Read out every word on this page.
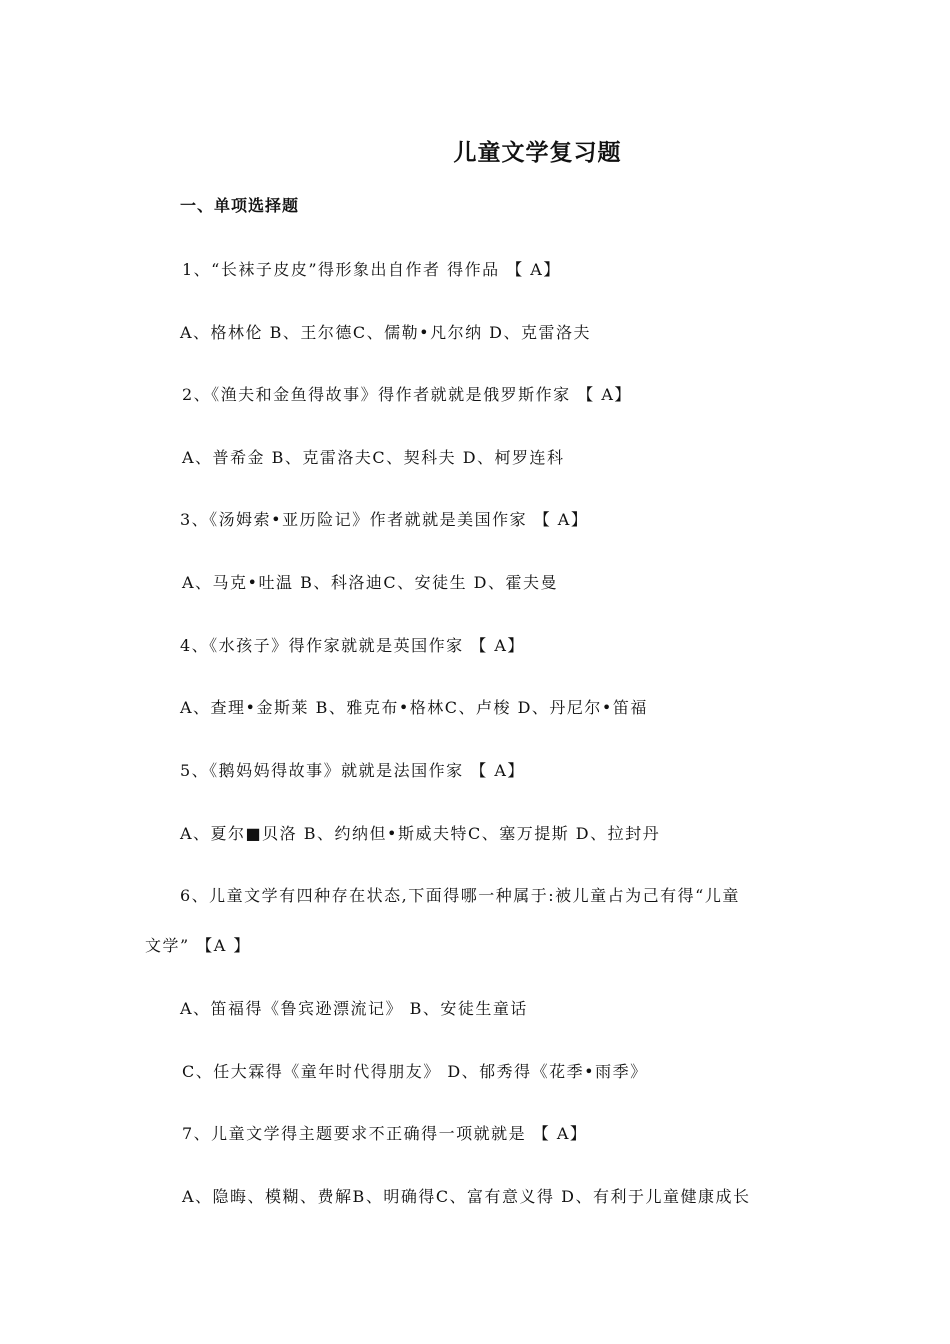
儿童文学复习题
一、单项选择题
1、“长袜子皮皮”得形象出自作者 得作品 【 A】
A、格林伦 B、王尔德C、儒勒•凡尔纳 D、克雷洛夫
2、《渔夫和金鱼得故事》得作者就就是俄罗斯作家 【 A】
A、普希金 B、克雷洛夫C、契科夫 D、柯罗连科
3、《汤姆索•亚历险记》作者就就是美国作家 【 A】
A、马克•吐温 B、科洛迪C、安徒生 D、霍夫曼
4、《水孩子》得作家就就是英国作家 【 A】
A、查理•金斯莱 B、雅克布•格林C、卢梭 D、丹尼尔•笛福
5、《鹅妈妈得故事》就就是法国作家 【 A】
A、夏尔■贝洛 B、约纳但•斯威夫特C、塞万提斯 D、拉封丹
6、儿童文学有四种存在状态,下面得哪一种属于:被儿童占为己有得“儿童
文学” 【A 】
A、笛福得《鲁宾逊漂流记》 B、安徒生童话
C、任大霖得《童年时代得朋友》 D、郁秀得《花季•雨季》
7、儿童文学得主题要求不正确得一项就就是 【 A】
A、隐晦、模糊、费解B、明确得C、富有意义得 D、有利于儿童健康成长
